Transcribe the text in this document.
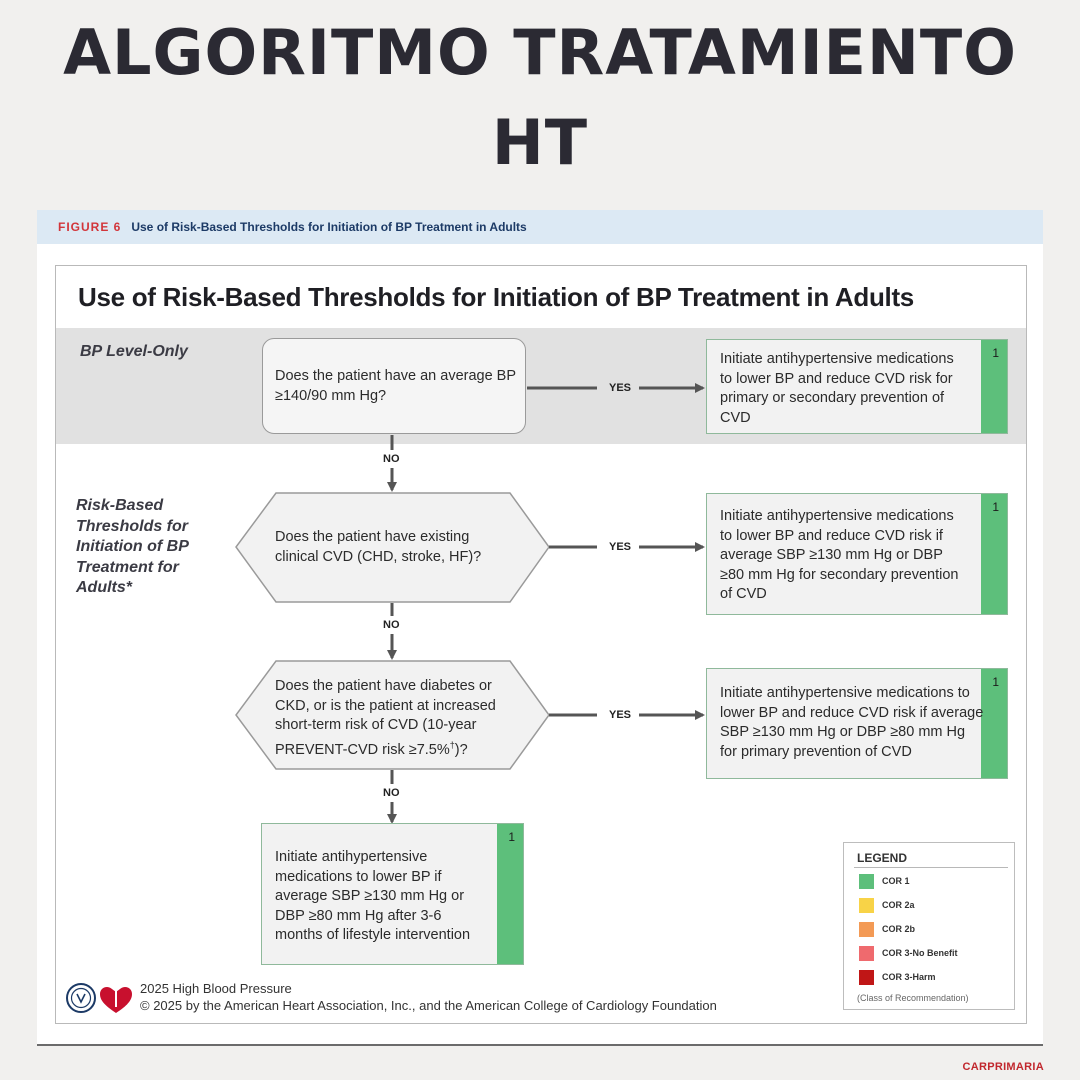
ALGORITMO TRATAMIENTO
HT
FIGURE 6 Use of Risk-Based Thresholds for Initiation of BP Treatment in Adults
Use of Risk-Based Thresholds for Initiation of BP Treatment in Adults
BP Level-Only
Risk-Based
Thresholds for
Initiation of BP
Treatment for
Adults*
YES
YES
YES
NO
NO
NO
Does the patient have an average BP
≥140/90 mm Hg?
Does the patient have existing
clinical CVD (CHD, stroke, HF)?
Does the patient have diabetes or
CKD, or is the patient at increased
short-term risk of CVD (10-year
PREVENT-CVD risk ≥7.5%†)?
1
Initiate antihypertensive medications
to lower BP and reduce CVD risk for
primary or secondary prevention of
CVD
1
Initiate antihypertensive medications
to lower BP and reduce CVD risk if
average SBP ≥130 mm Hg or DBP
≥80 mm Hg for secondary prevention
of CVD
1
Initiate antihypertensive medications to
lower BP and reduce CVD risk if average
SBP ≥130 mm Hg or DBP ≥80 mm Hg
for primary prevention of CVD
1
Initiate antihypertensive
medications to lower BP if
average SBP ≥130 mm Hg or
DBP ≥80 mm Hg after 3-6
months of lifestyle intervention
LEGEND
COR 1
COR 2a
COR 2b
COR 3-No Benefit
COR 3-Harm
(Class of Recommendation)
2025 High Blood Pressure
© 2025 by the American Heart Association, Inc., and the American College of Cardiology Foundation
CARPRIMARIA
